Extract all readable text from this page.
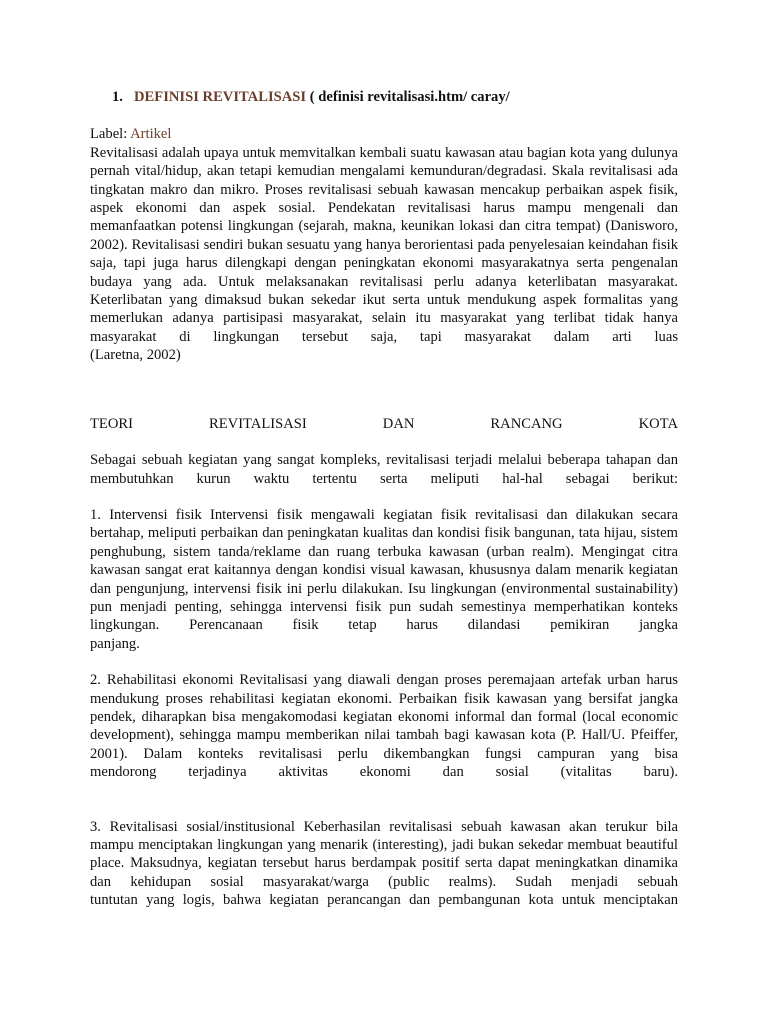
1. DEFINISI REVITALISASI ( definisi revitalisasi.htm/ caray/
Label: Artikel

Revitalisasi adalah upaya untuk memvitalkan kembali suatu kawasan atau bagian kota yang dulunya pernah vital/hidup, akan tetapi kemudian mengalami kemunduran/degradasi. Skala revitalisasi ada tingkatan makro dan mikro. Proses revitalisasi sebuah kawasan mencakup perbaikan aspek fisik, aspek ekonomi dan aspek sosial. Pendekatan revitalisasi harus mampu mengenali dan memanfaatkan potensi lingkungan (sejarah, makna, keunikan lokasi dan citra tempat) (Danisworo, 2002). Revitalisasi sendiri bukan sesuatu yang hanya berorientasi pada penyelesaian keindahan fisik saja, tapi juga harus dilengkapi dengan peningkatan ekonomi masyarakatnya serta pengenalan budaya yang ada. Untuk melaksanakan revitalisasi perlu adanya keterlibatan masyarakat. Keterlibatan yang dimaksud bukan sekedar ikut serta untuk mendukung aspek formalitas yang memerlukan adanya partisipasi masyarakat, selain itu masyarakat yang terlibat tidak hanya masyarakat di lingkungan tersebut saja, tapi masyarakat dalam arti luas

(Laretna, 2002)

TEORI REVITALISASI DAN RANCANG KOTA

Sebagai sebuah kegiatan yang sangat kompleks, revitalisasi terjadi melalui beberapa tahapan dan

membutuhkan kurun waktu tertentu serta meliputi hal-hal sebagai berikut:

1. Intervensi fisik Intervensi fisik mengawali kegiatan fisik revitalisasi dan dilakukan secara bertahap, meliputi perbaikan dan peningkatan kualitas dan kondisi fisik bangunan, tata hijau, sistem penghubung, sistem tanda/reklame dan ruang terbuka kawasan (urban realm). Mengingat citra kawasan sangat erat kaitannya dengan kondisi visual kawasan, khususnya dalam menarik kegiatan dan pengunjung, intervensi fisik ini perlu dilakukan. Isu lingkungan (environmental sustainability) pun menjadi penting, sehingga intervensi fisik pun sudah semestinya memperhatikan konteks lingkungan. Perencanaan fisik tetap harus dilandasi pemikiran jangka

panjang.

2. Rehabilitasi ekonomi Revitalisasi yang diawali dengan proses peremajaan artefak urban harus mendukung proses rehabilitasi kegiatan ekonomi. Perbaikan fisik kawasan yang bersifat jangka pendek, diharapkan bisa mengakomodasi kegiatan ekonomi informal dan formal (local economic development), sehingga mampu memberikan nilai tambah bagi kawasan kota (P. Hall/U. Pfeiffer, 2001). Dalam konteks revitalisasi perlu dikembangkan fungsi campuran yang bisa

mendorong terjadinya aktivitas ekonomi dan sosial (vitalitas baru).

3. Revitalisasi sosial/institusional Keberhasilan revitalisasi sebuah kawasan akan terukur bila mampu menciptakan lingkungan yang menarik (interesting), jadi bukan sekedar membuat beautiful place. Maksudnya, kegiatan tersebut harus berdampak positif serta dapat meningkatkan dinamika dan kehidupan sosial masyarakat/warga (public realms). Sudah menjadi sebuah

tuntutan yang logis, bahwa kegiatan perancangan dan pembangunan kota untuk menciptakan
